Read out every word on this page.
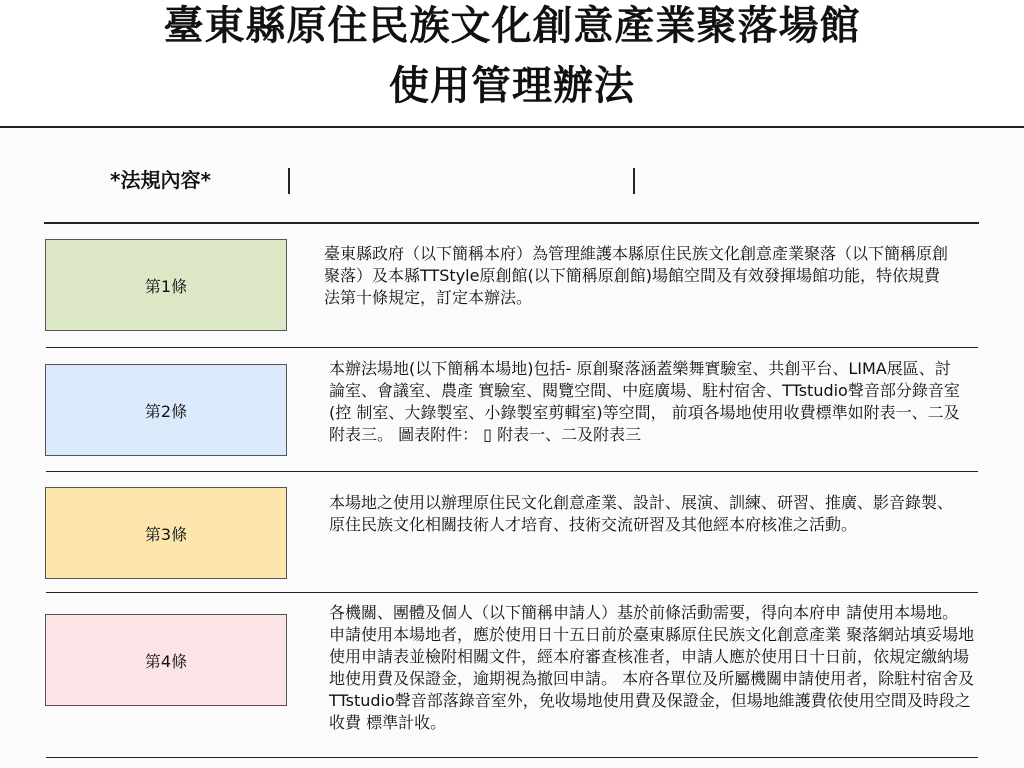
臺東縣原住民族文化創意產業聚落場館
使用管理辦法
*法規內容*
第1條
臺東縣政府（以下簡稱本府）為管理維護本縣原住民族文化創意產業聚落（以下簡稱原創聚落）及本縣TTStyle原創館(以下簡稱原創館)場館空間及有效發揮場館功能，特依規費法第十條規定，訂定本辦法。
第2條
本辦法場地(以下簡稱本場地)包括- 原創聚落涵蓋樂舞實驗室、共創平台、LIMA展區、討論室、會議室、農產 實驗室、閱覽空間、中庭廣場、駐村宿舍、TTstudio聲音部分錄音室(控 制室、大錄製室、小錄製室剪輯室)等空間， 前項各場地使用收費標準如附表一、二及附表三。 圖表附件： ▯ 附表一、二及附表三
第3條
本場地之使用以辦理原住民文化創意產業、設計、展演、訓練、研習、推廣、影音錄製、原住民族文化相關技術人才培育、技術交流研習及其他經本府核准之活動。
第4條
各機關、團體及個人（以下簡稱申請人）基於前條活動需要，得向本府申 請使用本場地。 申請使用本場地者，應於使用日十五日前於臺東縣原住民族文化創意產業 聚落網站填妥場地使用申請表並檢附相關文件，經本府審查核准者，申請人應於使用日十日前，依規定繳納場地使用費及保證金，逾期視為撤回申請。 本府各單位及所屬機關申請使用者，除駐村宿舍及TTstudio聲音部落錄音室外，免收場地使用費及保證金，但場地維護費依使用空間及時段之收費 標準計收。
